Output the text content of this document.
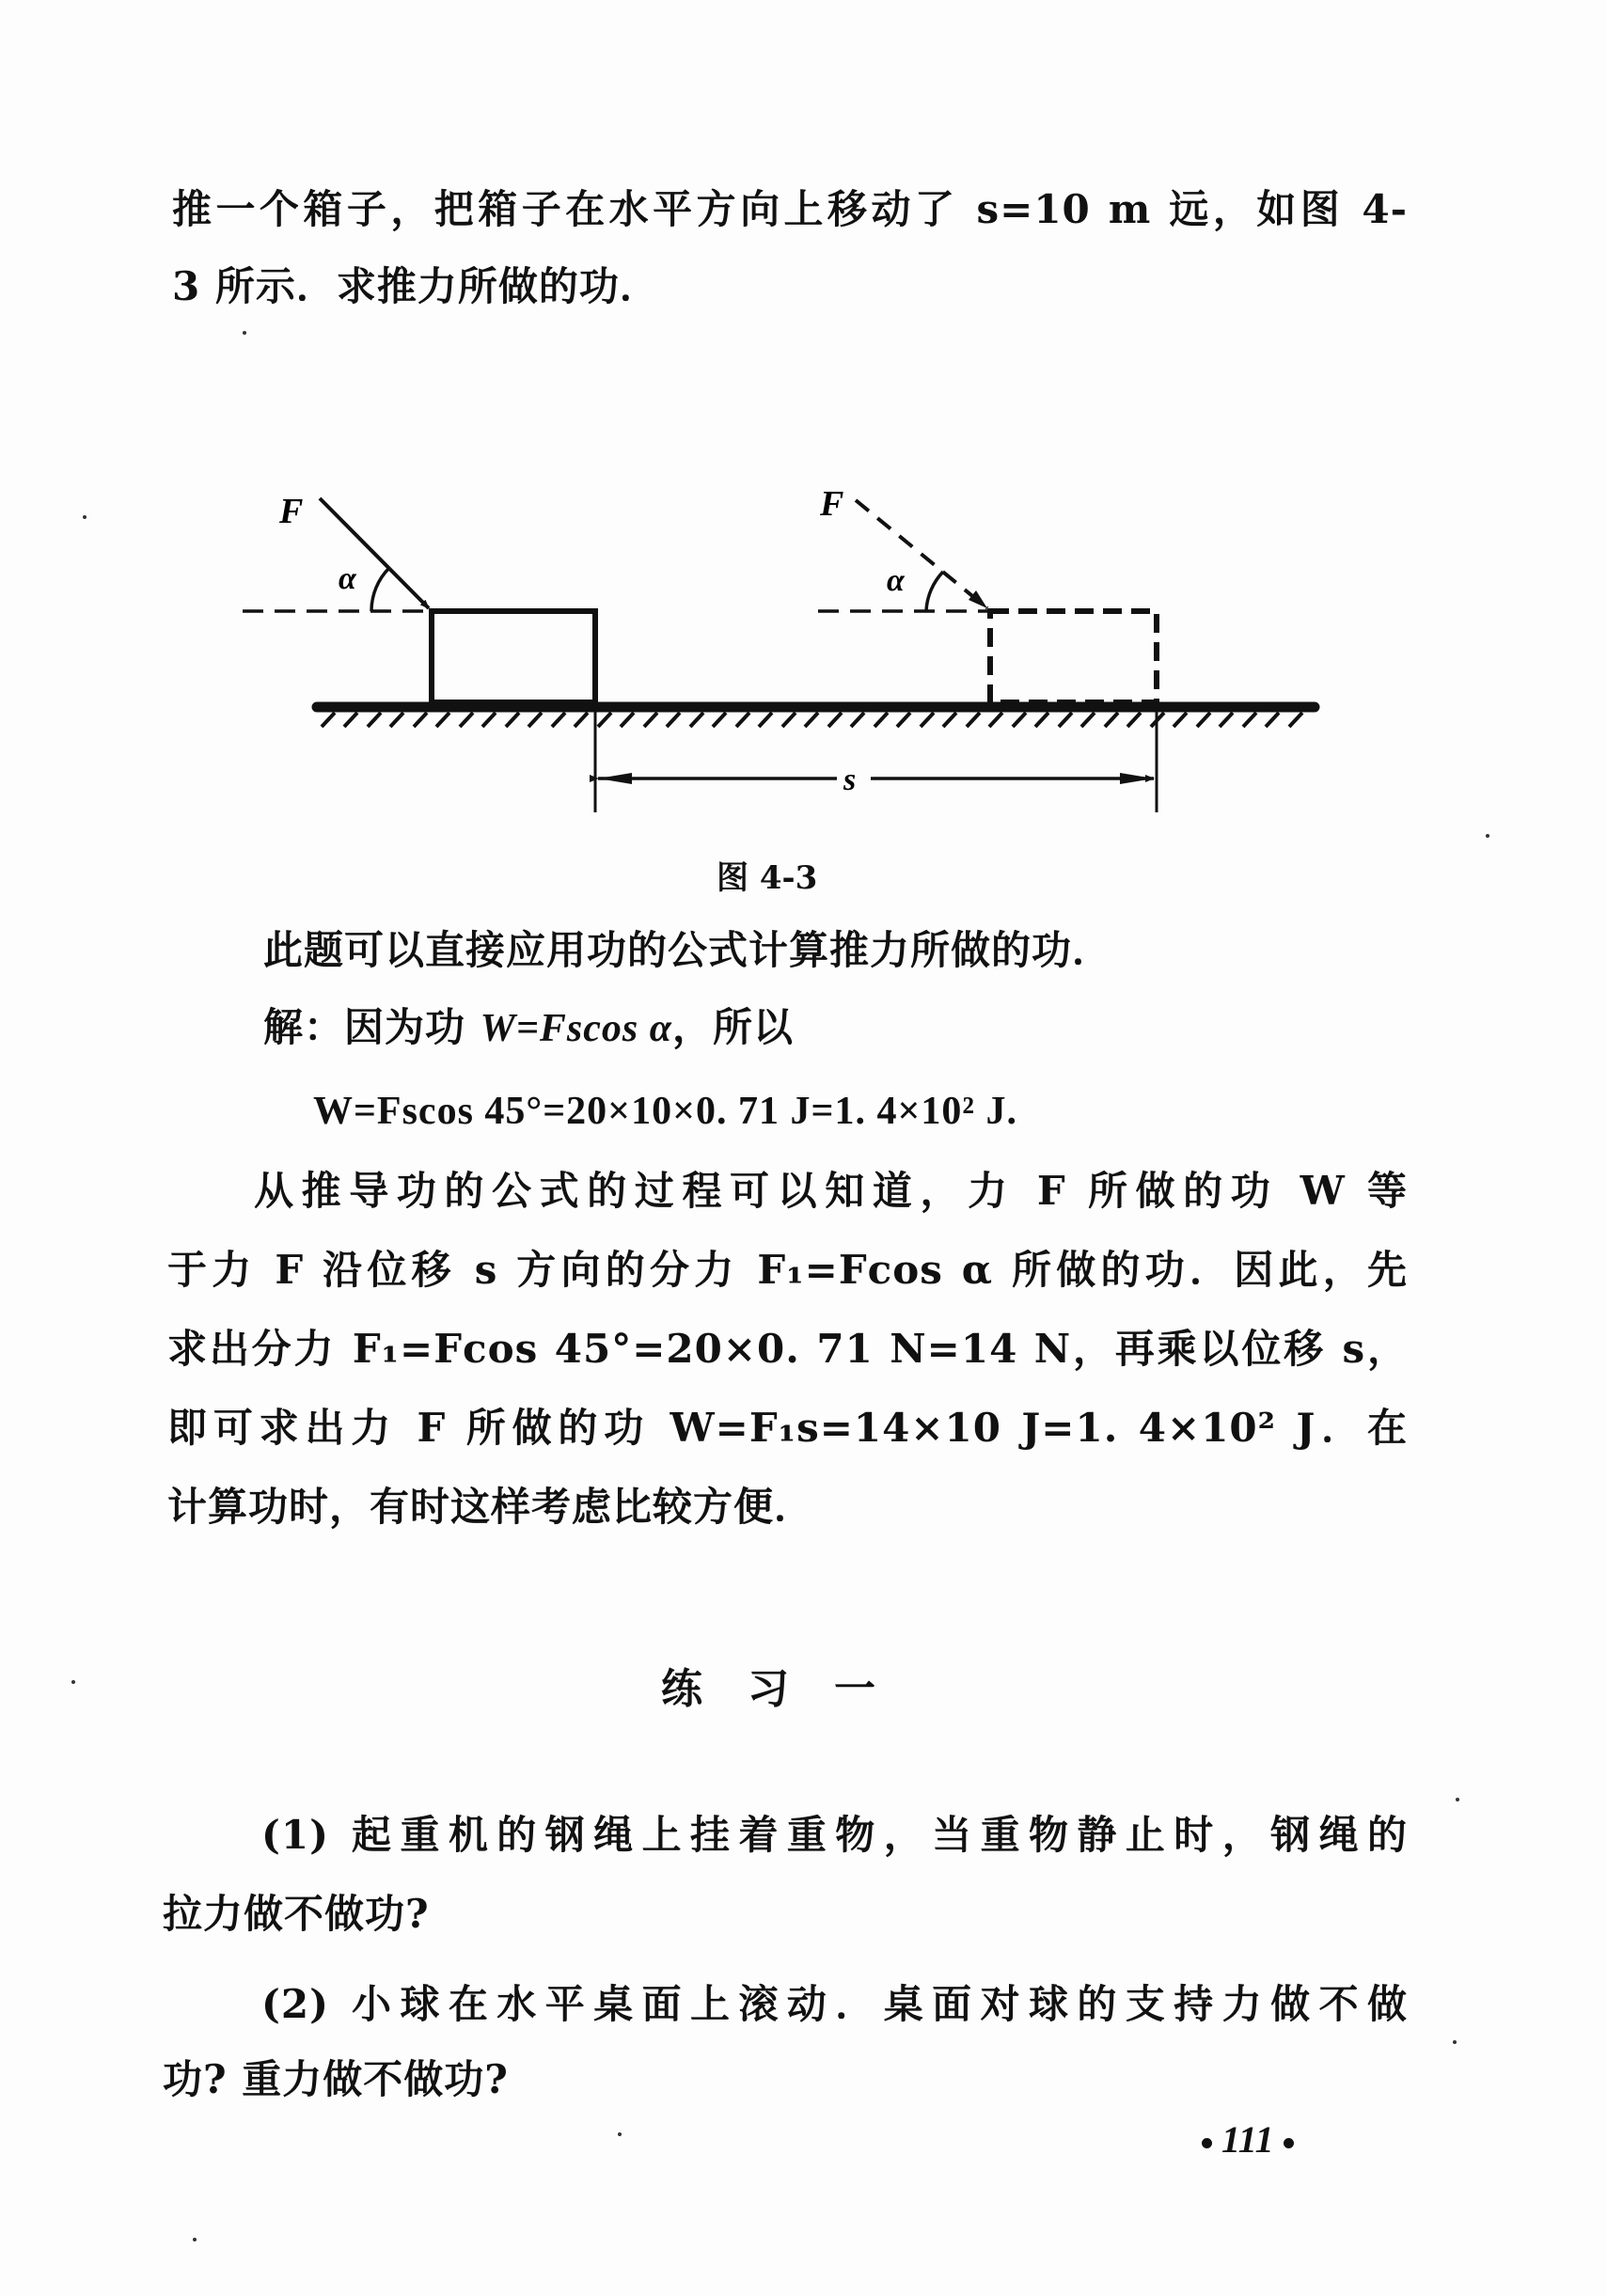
推一个箱子，把箱子在水平方向上移动了 s=10 m 远，如图 4-
3 所示．求推力所做的功．
F
α
F
α
s
图 4-3
此题可以直接应用功的公式计算推力所做的功．
解：因为功 W=Fscos α，所以
W=Fscos 45°=20×10×0. 71 J=1. 4×10² J.
从推导功的公式的过程可以知道，力 F 所做的功 W 等
于力 F 沿位移 s 方向的分力 F₁=Fcos α 所做的功．因此，先
求出分力 F₁=Fcos 45°=20×0. 71 N=14 N，再乘以位移 s，
即可求出力 F 所做的功 W=F₁s=14×10 J=1. 4×10² J．在
计算功时，有时这样考虑比较方便．
练习一
(1) 起重机的钢绳上挂着重物，当重物静止时，钢绳的
拉力做不做功?
(2) 小球在水平桌面上滚动．桌面对球的支持力做不做
功? 重力做不做功?
111
